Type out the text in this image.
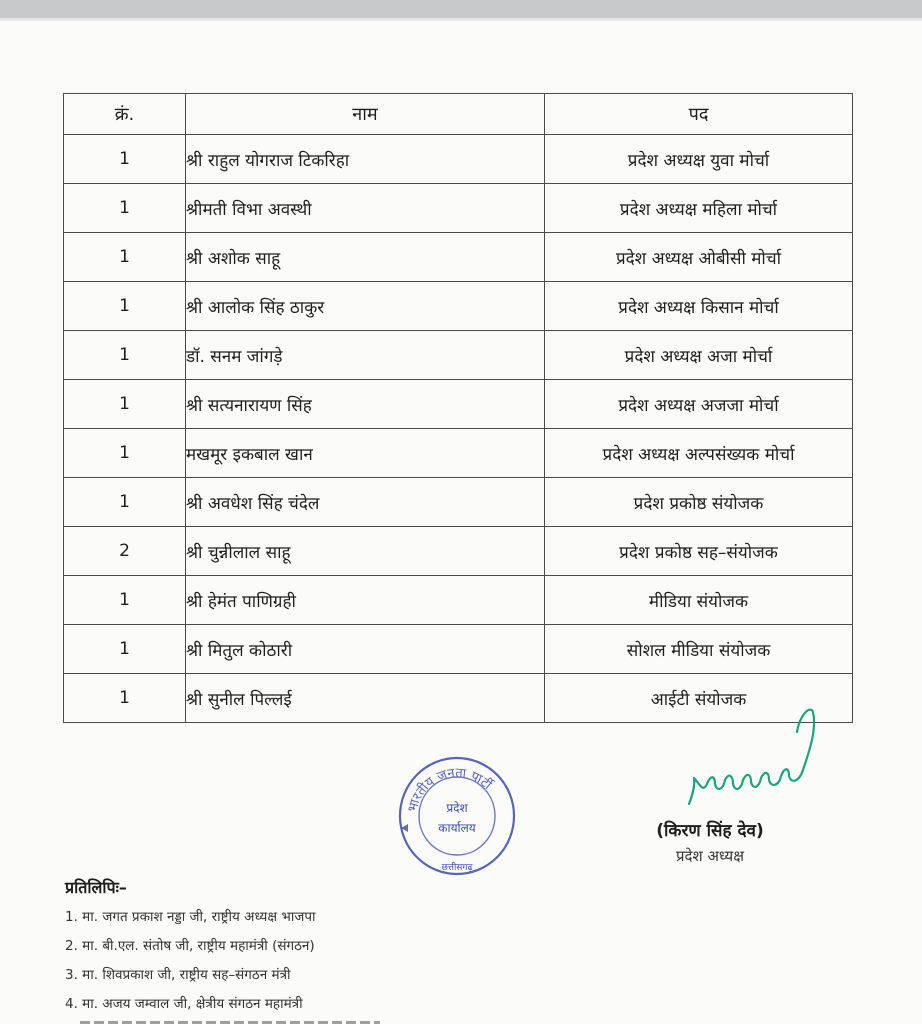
क्रं.	नाम	पद
1	श्री राहुल योगराज टिकरिहा	प्रदेश अध्यक्ष युवा मोर्चा
1	श्रीमती विभा अवस्थी	प्रदेश अध्यक्ष महिला मोर्चा
1	श्री अशोक साहू	प्रदेश अध्यक्ष ओबीसी मोर्चा
1	श्री आलोक सिंह ठाकुर	प्रदेश अध्यक्ष किसान मोर्चा
1	डॉ. सनम जांगड़े	प्रदेश अध्यक्ष अजा मोर्चा
1	श्री सत्यनारायण सिंह	प्रदेश अध्यक्ष अजजा मोर्चा
1	मखमूर इकबाल खान	प्रदेश अध्यक्ष अल्पसंख्यक मोर्चा
1	श्री अवधेश सिंह चंदेल	प्रदेश प्रकोष्ठ संयोजक
2	श्री चुन्नीलाल साहू	प्रदेश प्रकोष्ठ सह–संयोजक
1	श्री हेमंत पाणिग्रही	मीडिया संयोजक
1	श्री मितुल कोठारी	सोशल मीडिया संयोजक
1	श्री सुनील पिल्लई	आईटी संयोजक
भारतीय जनता पार्टी
प्रदेश
कार्यालय
छत्तीसगढ़
(किरण सिंह देव)
प्रदेश अध्यक्ष
प्रतिलिपिः–
1. मा. जगत प्रकाश नड्डा जी, राष्ट्रीय अध्यक्ष भाजपा
2. मा. बी.एल. संतोष जी, राष्ट्रीय महामंत्री (संगठन)
3. मा. शिवप्रकाश जी, राष्ट्रीय सह–संगठन मंत्री
4. मा. अजय जम्वाल जी, क्षेत्रीय संगठन महामंत्री
